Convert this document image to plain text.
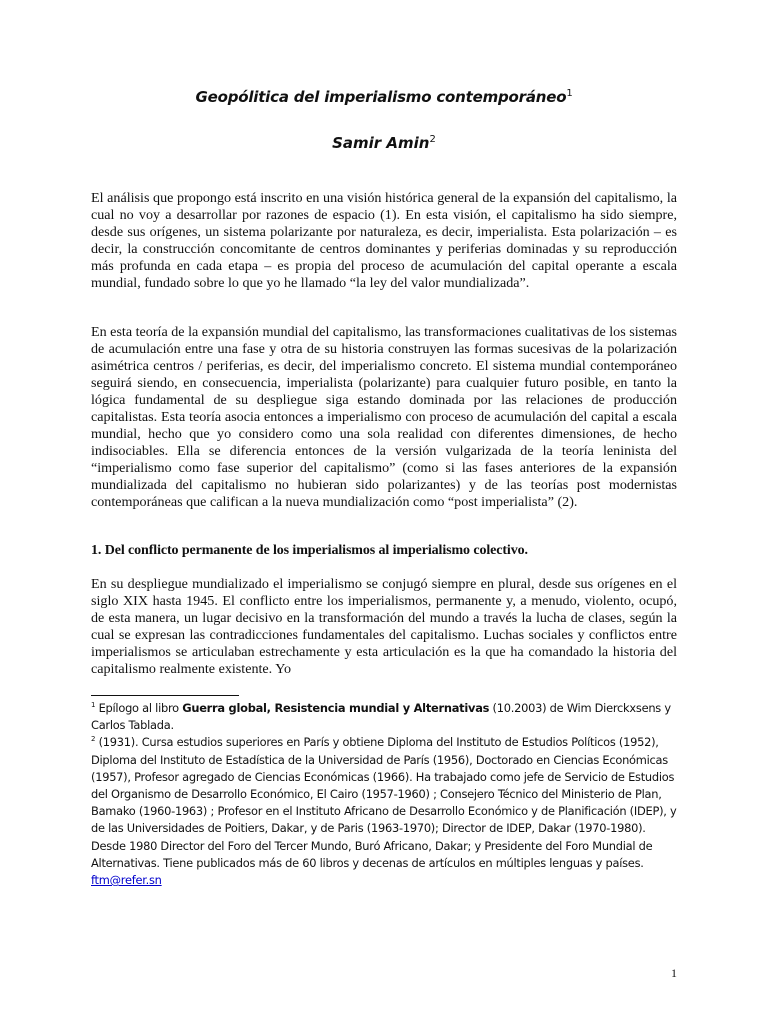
Geopólitica del imperialismo contemporáneo$^1$
Samir Amin$^2$

El análisis que propongo está inscrito en una visión histórica general de la expansión del capitalismo, la cual no voy a desarrollar por razones de espacio (1). En esta visión, el capitalismo ha sido siempre, desde sus orígenes, un sistema polarizante por naturaleza, es decir, imperialista. Esta polarización – es decir, la construcción concomitante de centros dominantes y periferias dominadas y su reproducción más profunda en cada etapa – es propia del proceso de acumulación del capital operante a escala mundial, fundado sobre lo que yo he llamado “la ley del valor mundializada”.

En esta teoría de la expansión mundial del capitalismo, las transformaciones cualitativas de los sistemas de acumulación entre una fase y otra de su historia construyen las formas sucesivas de la polarización asimétrica centros / periferias, es decir, del imperialismo concreto. El sistema mundial contemporáneo seguirá siendo, en consecuencia, imperialista (polarizante) para cualquier futuro posible, en tanto la lógica fundamental de su despliegue siga estando dominada por las relaciones de producción capitalistas. Esta teoría asocia entonces a imperialismo con proceso de acumulación del capital a escala mundial, hecho que yo considero como una sola realidad con diferentes dimensiones, de hecho indisociables. Ella se diferencia entonces de la versión vulgarizada de la teoría leninista del “imperialismo como fase superior del capitalismo” (como si las fases anteriores de la expansión mundializada del capitalismo no hubieran sido polarizantes) y de las teorías post modernistas contemporáneas que califican a la nueva mundialización como “post imperialista” (2).

1. Del conflicto permanente de los imperialismos al imperialismo colectivo.

En su despliegue mundializado el imperialismo se conjugó siempre en plural, desde sus orígenes en el siglo XIX hasta 1945. El conflicto entre los imperialismos, permanente y, a menudo, violento, ocupó, de esta manera, un lugar decisivo en la transformación del mundo a través la lucha de clases, según la cual se expresan las contradicciones fundamentales del capitalismo. Luchas sociales y conflictos entre imperialismos se articulaban estrechamente y esta articulación es la que ha comandado la historia del capitalismo realmente existente. Yo

$^1$ Epílogo al libro Guerra global, Resistencia mundial y Alternativas (10.2003) de Wim Dierckxsens y Carlos Tablada.

$^2$ (1931). Cursa estudios superiores en París y obtiene Diploma del Instituto de Estudios Políticos (1952), Diploma del Instituto de Estadística de la Universidad de París (1956), Doctorado en Ciencias Económicas (1957), Profesor agregado de Ciencias Económicas (1966). Ha trabajado como jefe de Servicio de Estudios del Organismo de Desarrollo Económico, El Cairo (1957-1960) ; Consejero Técnico del Ministerio de Plan, Bamako (1960-1963) ; Profesor en el Instituto Africano de Desarrollo Económico y de Planificación (IDEP), y de las Universidades de Poitiers, Dakar, y de Paris (1963-1970); Director de IDEP, Dakar (1970-1980). Desde 1980 Director del Foro del Tercer Mundo, Buró Africano, Dakar; y Presidente del Foro Mundial de Alternativas. Tiene publicados más de 60 libros y decenas de artículos en múltiples lenguas y países.

ftm@refer.sn

1
